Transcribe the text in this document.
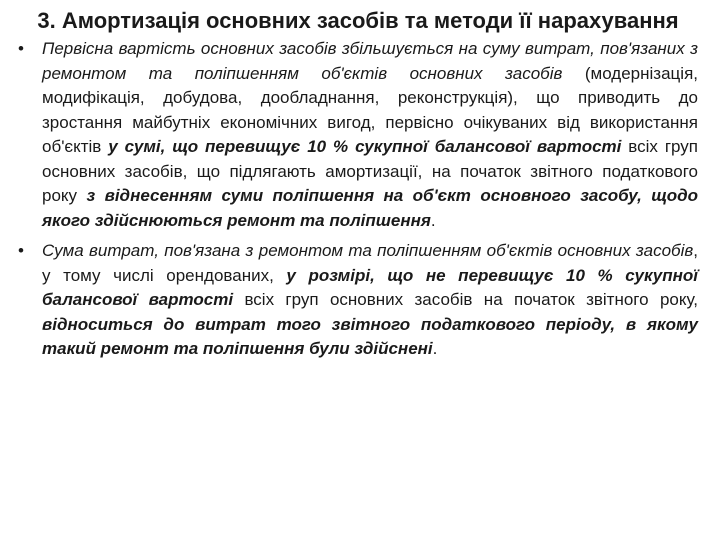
3. Амортизація основних засобів та методи її нарахування
• Первісна вартість основних засобів збільшується на суму витрат, пов'язаних з ремонтом та поліпшенням об'єктів основних засобів (модернізація, модифікація, добудова, дообладнання, реконструкція), що приводить до зростання майбутніх економічних вигод, первісно очікуваних від використання об'єктів у сумі, що перевищує 10 % сукупної балансової вартості всіх груп основних засобів, що підлягають амортизації, на початок звітного податкового року з віднесенням суми поліпшення на об'єкт основного засобу, щодо якого здійснюються ремонт та поліпшення.
• Сума витрат, пов'язана з ремонтом та поліпшенням об'єктів основних засобів, у тому числі орендованих, у розмірі, що не перевищує 10 % сукупної балансової вартості всіх груп основних засобів на початок звітного року, відноситься до витрат того звітного податкового періоду, в якому такий ремонт та поліпшення були здійснені.
